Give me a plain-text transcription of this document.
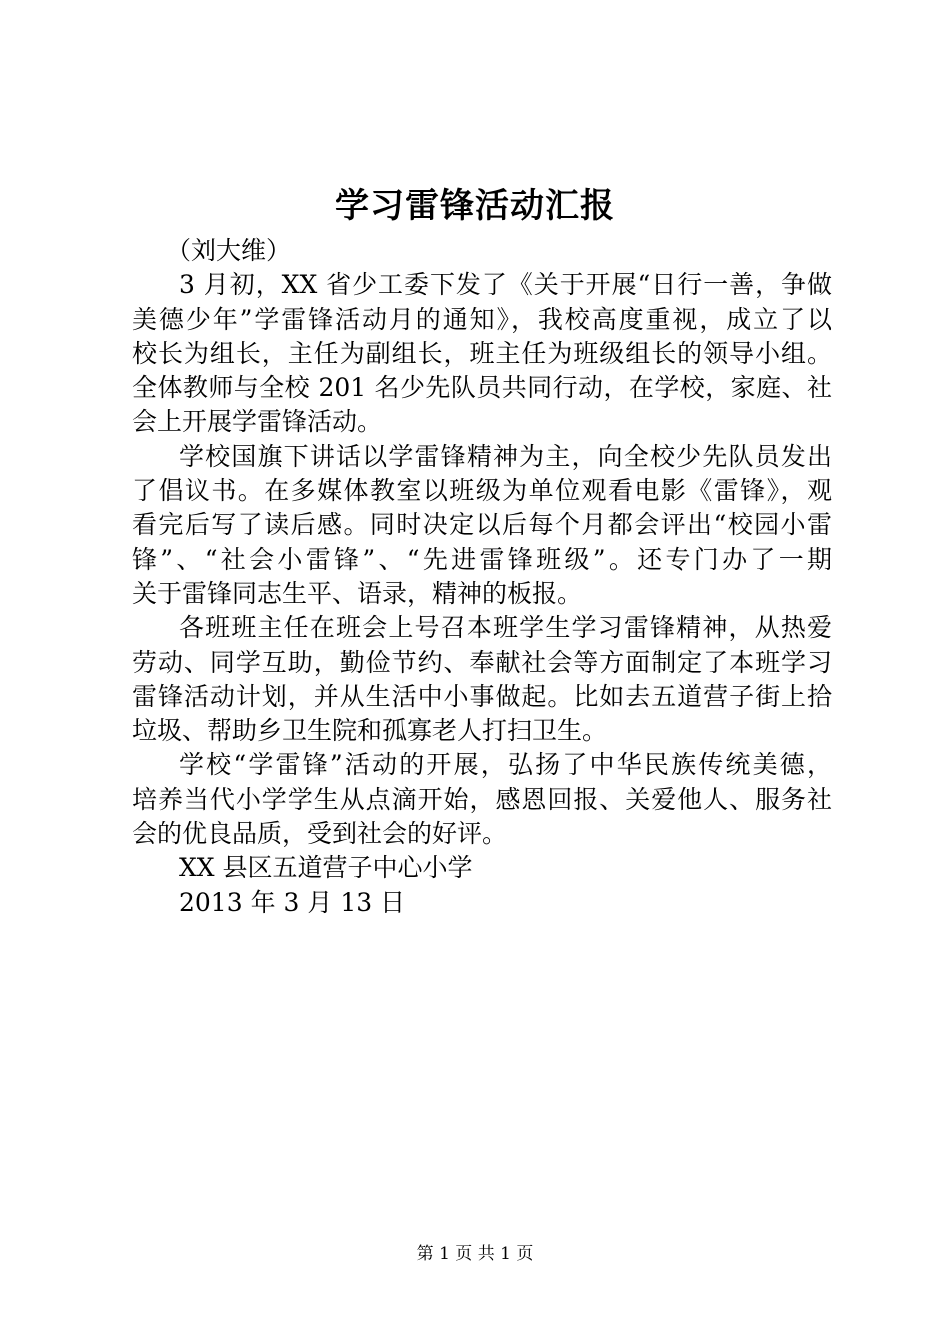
学习雷锋活动汇报
（刘大维）
3 月初，XX 省少工委下发了《关于开展“日行一善，争做
美德少年”学雷锋活动月的通知》，我校高度重视，成立了以
校长为组长，主任为副组长，班主任为班级组长的领导小组。
全体教师与全校 201 名少先队员共同行动，在学校，家庭、社
会上开展学雷锋活动。
学校国旗下讲话以学雷锋精神为主，向全校少先队员发出
了倡议书。在多媒体教室以班级为单位观看电影《雷锋》，观
看完后写了读后感。同时决定以后每个月都会评出“校园小雷
锋”、“社会小雷锋”、“先进雷锋班级”。还专门办了一期
关于雷锋同志生平、语录，精神的板报。
各班班主任在班会上号召本班学生学习雷锋精神，从热爱
劳动、同学互助，勤俭节约、奉献社会等方面制定了本班学习
雷锋活动计划，并从生活中小事做起。比如去五道营子街上拾
垃圾、帮助乡卫生院和孤寡老人打扫卫生。
学校“学雷锋”活动的开展，弘扬了中华民族传统美德，
培养当代小学学生从点滴开始，感恩回报、关爱他人、服务社
会的优良品质，受到社会的好评。
XX 县区五道营子中心小学
2013 年 3 月 13 日
第 1 页 共 1 页
